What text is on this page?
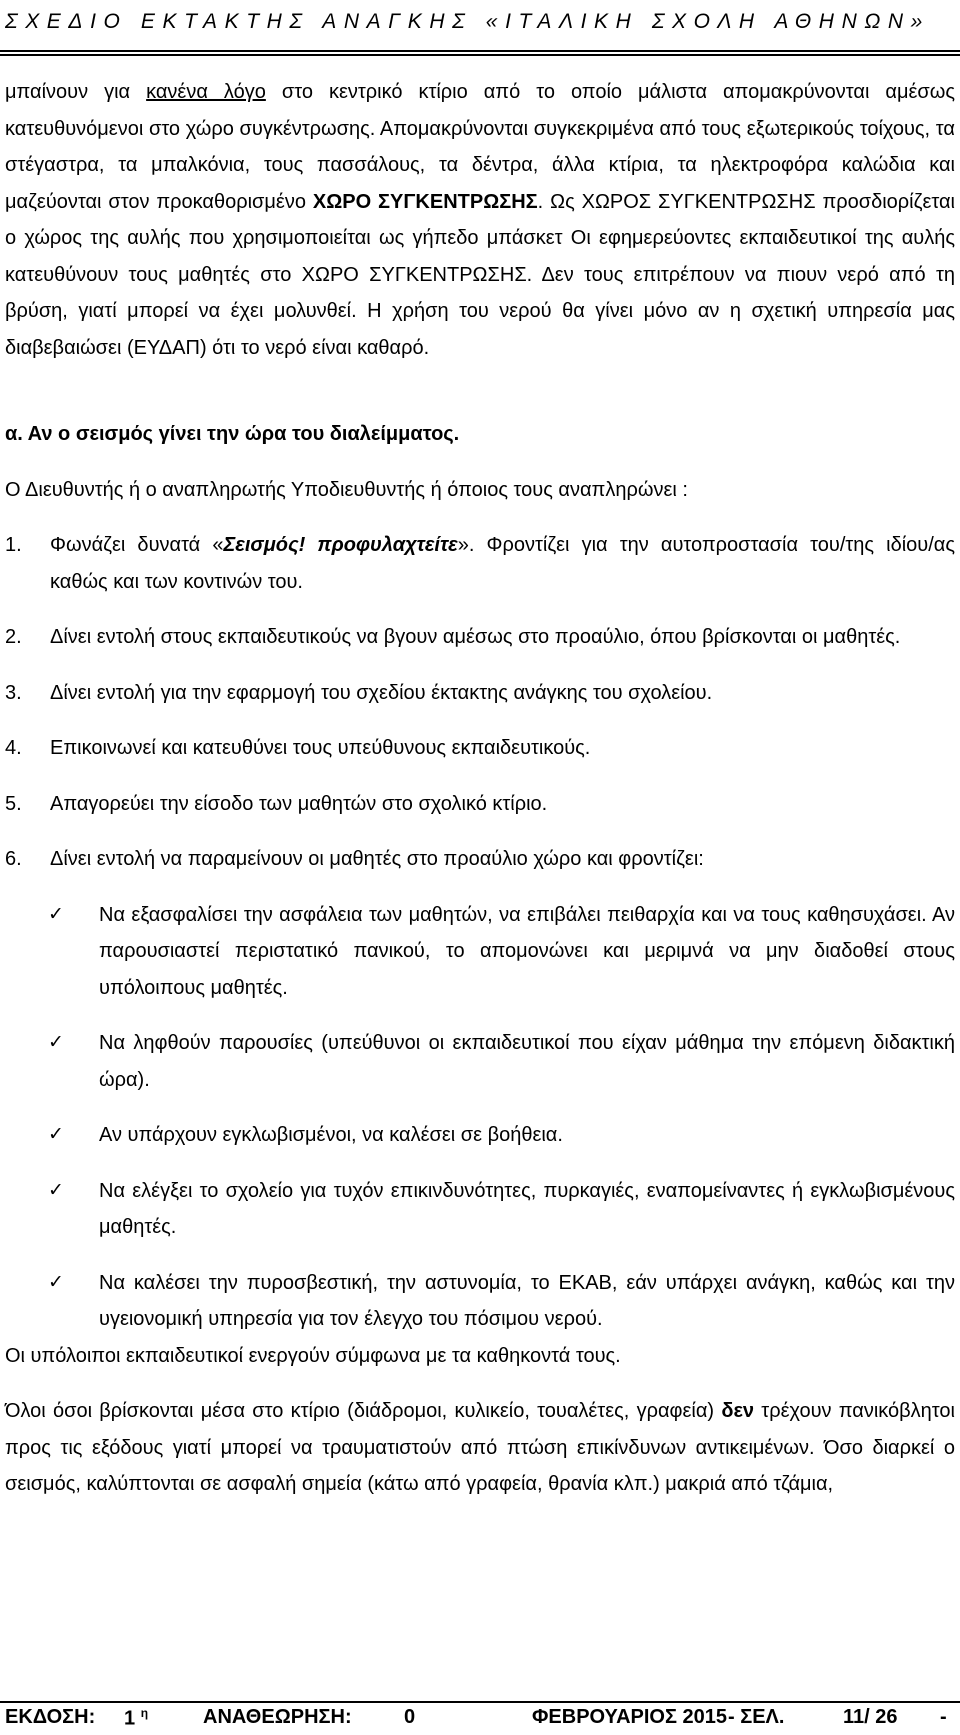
ΣΧΕΔΙΟ ΕΚΤΑΚΤΗΣ ΑΝΑΓΚΗΣ «ΙΤΑΛΙΚΗ ΣΧΟΛΗ ΑΘΗΝΩΝ»

μπαίνουν για κανένα λόγο στο κεντρικό κτίριο από το οποίο μάλιστα απομακρύνονται αμέσως κατευθυνόμενοι στο χώρο συγκέντρωσης. Απομακρύνονται συγκεκριμένα από τους εξωτερικούς τοίχους, τα στέγαστρα, τα μπαλκόνια, τους πασσάλους, τα δέντρα, άλλα κτίρια, τα ηλεκτροφόρα καλώδια και μαζεύονται στον προκαθορισμένο ΧΩΡΟ ΣΥΓΚΕΝΤΡΩΣΗΣ. Ως ΧΩΡΟΣ ΣΥΓΚΕΝΤΡΩΣΗΣ προσδιορίζεται ο χώρος της αυλής που χρησιμοποιείται ως γήπεδο μπάσκετ Οι εφημερεύοντες εκπαιδευτικοί της αυλής κατευθύνουν τους μαθητές στο ΧΩΡΟ ΣΥΓΚΕΝΤΡΩΣΗΣ. Δεν τους επιτρέπουν να πιουν νερό από τη βρύση, γιατί μπορεί να έχει μολυνθεί. Η χρήση του νερού θα γίνει μόνο αν η σχετική υπηρεσία μας διαβεβαιώσει (ΕΥΔΑΠ) ότι το νερό είναι καθαρό.

α. Αν ο σεισμός γίνει την ώρα του διαλείμματος.

Ο Διευθυντής ή ο αναπληρωτής Υποδιευθυντής ή όποιος τους αναπληρώνει :

1. Φωνάζει δυνατά «Σεισμός! προφυλαχτείτε». Φροντίζει για την αυτοπροστασία του/της ιδίου/ας καθώς και των κοντινών του.

2. Δίνει εντολή στους εκπαιδευτικούς να βγουν αμέσως στο προαύλιο, όπου βρίσκονται οι μαθητές.

3. Δίνει εντολή για την εφαρμογή του σχεδίου έκτακτης ανάγκης του σχολείου.

4. Επικοινωνεί και κατευθύνει τους υπεύθυνους εκπαιδευτικούς.

5. Απαγορεύει την είσοδο των μαθητών στο σχολικό κτίριο.

6. Δίνει εντολή να παραμείνουν οι μαθητές στο προαύλιο χώρο και φροντίζει:

✓ Να εξασφαλίσει την ασφάλεια των μαθητών, να επιβάλει πειθαρχία και να τους καθησυχάσει. Αν παρουσιαστεί περιστατικό πανικού, το απομονώνει και μεριμνά να μην διαδοθεί στους υπόλοιπους μαθητές.

✓ Να ληφθούν παρουσίες (υπεύθυνοι οι εκπαιδευτικοί που είχαν μάθημα την επόμενη διδακτική ώρα).

✓ Αν υπάρχουν εγκλωβισμένοι, να καλέσει σε βοήθεια.

✓ Να ελέγξει το σχολείο για τυχόν επικινδυνότητες, πυρκαγιές, εναπομείναντες ή εγκλωβισμένους μαθητές.

✓ Να καλέσει την πυροσβεστική, την αστυνομία, το ΕΚΑΒ, εάν υπάρχει ανάγκη, καθώς και την υγειονομική υπηρεσία για τον έλεγχο του πόσιμου νερού.

Οι υπόλοιποι εκπαιδευτικοί ενεργούν σύμφωνα με τα καθηκοντά τους.

Όλοι όσοι βρίσκονται μέσα στο κτίριο (διάδρομοι, κυλικείο, τουαλέτες, γραφεία) δεν τρέχουν πανικόβλητοι προς τις εξόδους γιατί μπορεί να τραυματιστούν από πτώση επικίνδυνων αντικειμένων. Όσο διαρκεί ο σεισμός, καλύπτονται σε ασφαλή σημεία (κάτω από γραφεία, θρανία κλπ.) μακριά από τζάμια,

ΕΚΔΟΣΗ: 1 $^\eta$	ΑΝΑΘΕΩΡΗΣΗ:	0	ΦΕΒΡΟΥΑΡΙΟΣ 2015 - ΣΕΛ.	11/ 26 -
